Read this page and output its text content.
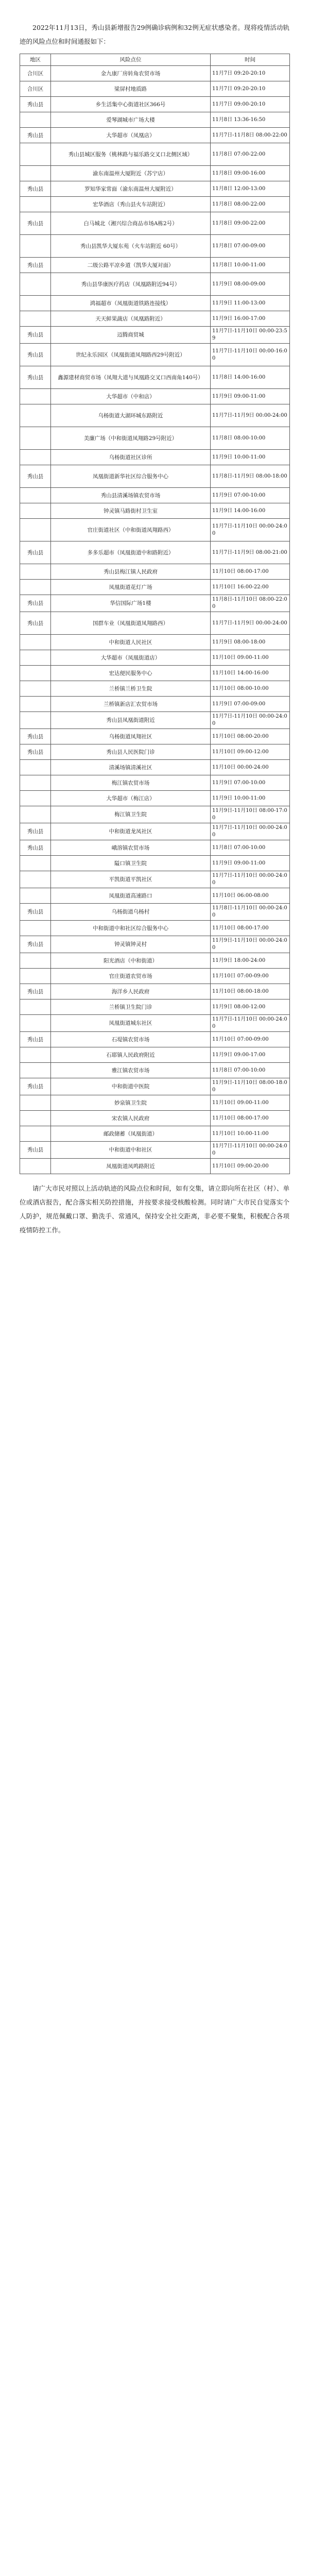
2022年11月13日，秀山县新增报告29例确诊病例和32例无症状感染者。现将疫情活动轨迹的风险点位和时间通报如下：

地区	风险点位	时间
合川区	金九康厂房转角农贸市场	11月7日 09:20-20:10
合川区	梁屏村地质路	11月7日 09:20-20:10
秀山县	乡生活集中心街道社区366号	11月7日 09:00-20:10
	爱琴湖城市广场大楼	11月8日 13:36-16:50
秀山县	大华超市（凤凰店）	11月7日-11月8日 08:00-22:00
	秀山县城区服务（桃林路与福乐路交叉口北侧区域）	11月8日 07:00-22:00
	渝东南温州大厦附近（苏宁店）	11月8日 09:00-16:00
秀山县	罗知华家常面（渝东南温州大厦附近）	11月8日 12:00-13:00
	宏华酒店（秀山县火车站附近）	11月8日 08:00-22:00
秀山县	白马城北（湘兴综合商品市场A栋2号）	11月8日 09:00-22:00
	秀山县凯华大厦东苑（火车站附近 60号）	11月8日 07:00-09:00
秀山县	二级公路平凉乡道（凯华大厦对面）	11月8日 10:00-11:00
	秀山县华康医疗药店（凤凰路附近94号）	11月9日 08:00-09:00
	鸿福超市（凤凰街道铁路连接线）	11月9日 11:00-13:00
	天天鲜果蔬店（凤凰路附近）	11月9日 16:00-17:00
秀山县	迈腾商贸城	11月7日-11月10日 00:00-23:59
秀山县	世纪永乐园区（凤凰街道凤翔路西29号附近）	11月7日-11月10日 00:00-16:00
秀山县	鑫源建材商贸市场（凤翔大道与凤凰路交叉口西南角140号）	11月8日 14:00-16:00
	大华超市（中和店）	11月9日 09:00-11:00
	乌杨街道大湖环城东路附近	11月7日-11月9日 00:00-24:00
	美廉广场（中和街道凤翔路29号附近）	11月8日 08:00-10:00
	乌杨街道社区诊所	11月9日 10:00-11:00
秀山县	凤凰街道新华社区综合服务中心	11月8日-11月9日 08:00-18:00
	秀山县清溪场镇农贸市场	11月9日 07:00-10:00
	钟灵镇马路街村卫生室	11月9日 14:00-16:00
	官庄街道社区（中和街道凤翔路西）	11月7日-11月10日 00:00-24:00
秀山县	多多乐超市（凤凰街道中和路附近）	11月7日-11月9日 08:00-21:00
	秀山县梅江镇人民政府	11月10日 08:00-17:00
	凤凰街道花灯广场	11月10日 16:00-22:00
秀山县	华信国际广场1楼	11月8日-11月10日 08:00-22:00
秀山县	国群车业（凤凰街道凤翔路西）	11月7日-11月9日 00:00-24:00
	中和街道人民社区	11月9日 08:00-18:00
	大华超市（凤凰街道店）	11月10日 09:00-11:00
	宏达便民服务中心	11月10日 14:00-16:00
	兰桥镇兰桥卫生院	11月10日 08:00-10:00
	兰桥镇新店汇农贸市场	11月9日 07:00-09:00
	秀山县凤凰街道附近	11月7日-11月10日 00:00-24:00
秀山县	乌杨街道凤翔社区	11月10日 08:00-20:00
秀山县	秀山县人民医院门诊	11月10日 09:00-12:00
	清溪场镇清溪社区	11月10日 00:00-24:00
	梅江镇农贸市场	11月9日 07:00-10:00
	大华超市（梅江店）	11月9日 10:00-11:00
	梅江镇卫生院	11月9日-11月10日 08:00-17:00
秀山县	中和街道龙凤社区	11月7日-11月10日 00:00-24:00
秀山县	峨溶镇农贸市场	11月8日 07:00-10:00
	隘口镇卫生院	11月9日 09:00-11:00
	平凯街道平凯社区	11月7日-11月10日 00:00-24:00
	凤凰街道高速路口	11月10日 06:00-08:00
秀山县	乌杨街道乌杨村	11月8日-11月10日 00:00-24:00
	中和街道中和社区综合服务中心	11月10日 08:00-17:00
秀山县	钟灵镇钟灵村	11月9日-11月10日 00:00-24:00
	阳光酒店（中和街道）	11月9日 18:00-24:00
	官庄街道农贸市场	11月10日 07:00-09:00
秀山县	海洋乡人民政府	11月10日 08:00-18:00
	兰桥镇卫生院门诊	11月9日 08:00-12:00
	凤凰街道城东社区	11月7日-11月10日 00:00-24:00
秀山县	石堤镇农贸市场	11月10日 07:00-09:00
	石耶镇人民政府附近	11月9日 09:00-17:00
	雅江镇农贸市场	11月8日 07:00-10:00
秀山县	中和街道中医院	11月9日-11月10日 08:00-18:00
	妙泉镇卫生院	11月10日 09:00-11:00
	宋农镇人民政府	11月10日 08:00-17:00
	邮政储蓄（凤凰街道）	11月10日 10:00-11:00
秀山县	中和街道中和社区	11月7日-11月10日 00:00-24:00
	凤凰街道凤鸣路附近	11月10日 09:00-20:00

请广大市民对照以上活动轨迹的风险点位和时间，如有交集，请立即向所在社区（村）、单位或酒店报告，配合落实相关防控措施，并按要求接受核酸检测。同时请广大市民自觉落实个人防护，规范佩戴口罩、勤洗手、常通风，保持安全社交距离，非必要不聚集，积极配合各项疫情防控工作。
